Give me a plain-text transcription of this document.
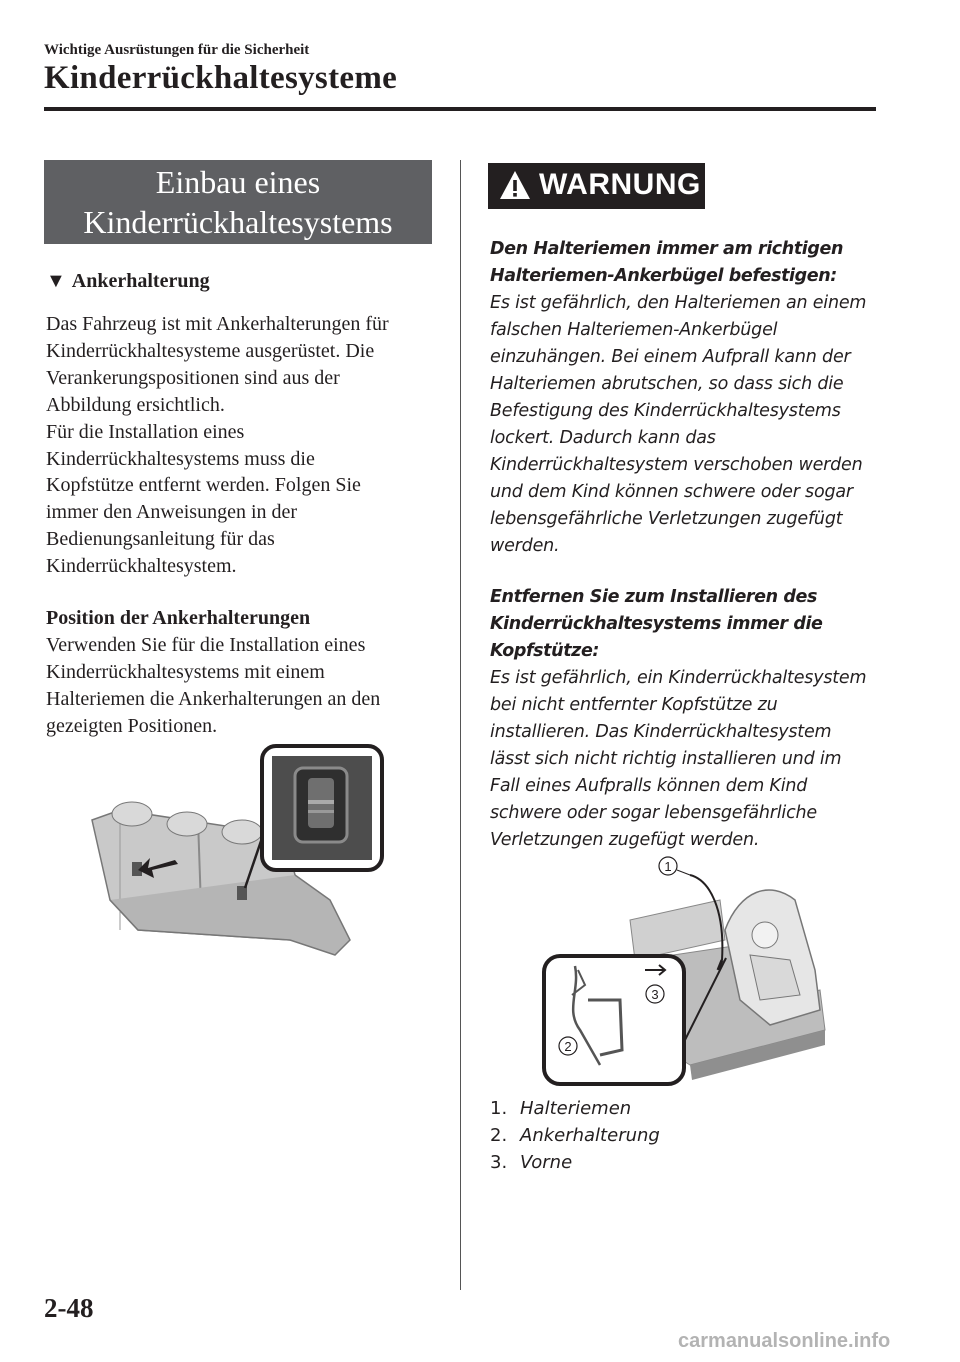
Wichtige Ausrüstungen für die Sicherheit
Kinderrückhaltesysteme
Einbau eines
Kinderrückhaltesystems
▼ Ankerhalterung

Das Fahrzeug ist mit Ankerhalterungen für

Kinderrückhaltesysteme ausgerüstet. Die

Verankerungspositionen sind aus der

Abbildung ersichtlich.

Für die Installation eines

Kinderrückhaltesystems muss die

Kopfstütze entfernt werden. Folgen Sie

immer den Anweisungen in der

Bedienungsanleitung für das

Kinderrückhaltesystem.

Position der Ankerhalterungen

Verwenden Sie für die Installation eines

Kinderrückhaltesystems mit einem

Halteriemen die Ankerhalterungen an den

gezeigten Positionen.

WARNUNG

Den Halteriemen immer am richtigen

Halteriemen-Ankerbügel befestigen:

Es ist gefährlich, den Halteriemen an einem

falschen Halteriemen-Ankerbügel

einzuhängen. Bei einem Aufprall kann der

Halteriemen abrutschen, so dass sich die

Befestigung des Kinderrückhaltesystems

lockert. Dadurch kann das

Kinderrückhaltesystem verschoben werden

und dem Kind können schwere oder sogar

lebensgefährliche Verletzungen zugefügt

werden.

Entfernen Sie zum Installieren des

Kinderrückhaltesystems immer die

Kopfstütze:

Es ist gefährlich, ein Kinderrückhaltesystem

bei nicht entfernter Kopfstütze zu

installieren. Das Kinderrückhaltesystem

lässt sich nicht richtig installieren und im

Fall eines Aufpralls können dem Kind

schwere oder sogar lebensgefährliche

Verletzungen zugefügt werden.

1
2
3
1. Halteriemen
2. Ankerhalterung
3. Vorne
2-48
carmanualsonline.info
